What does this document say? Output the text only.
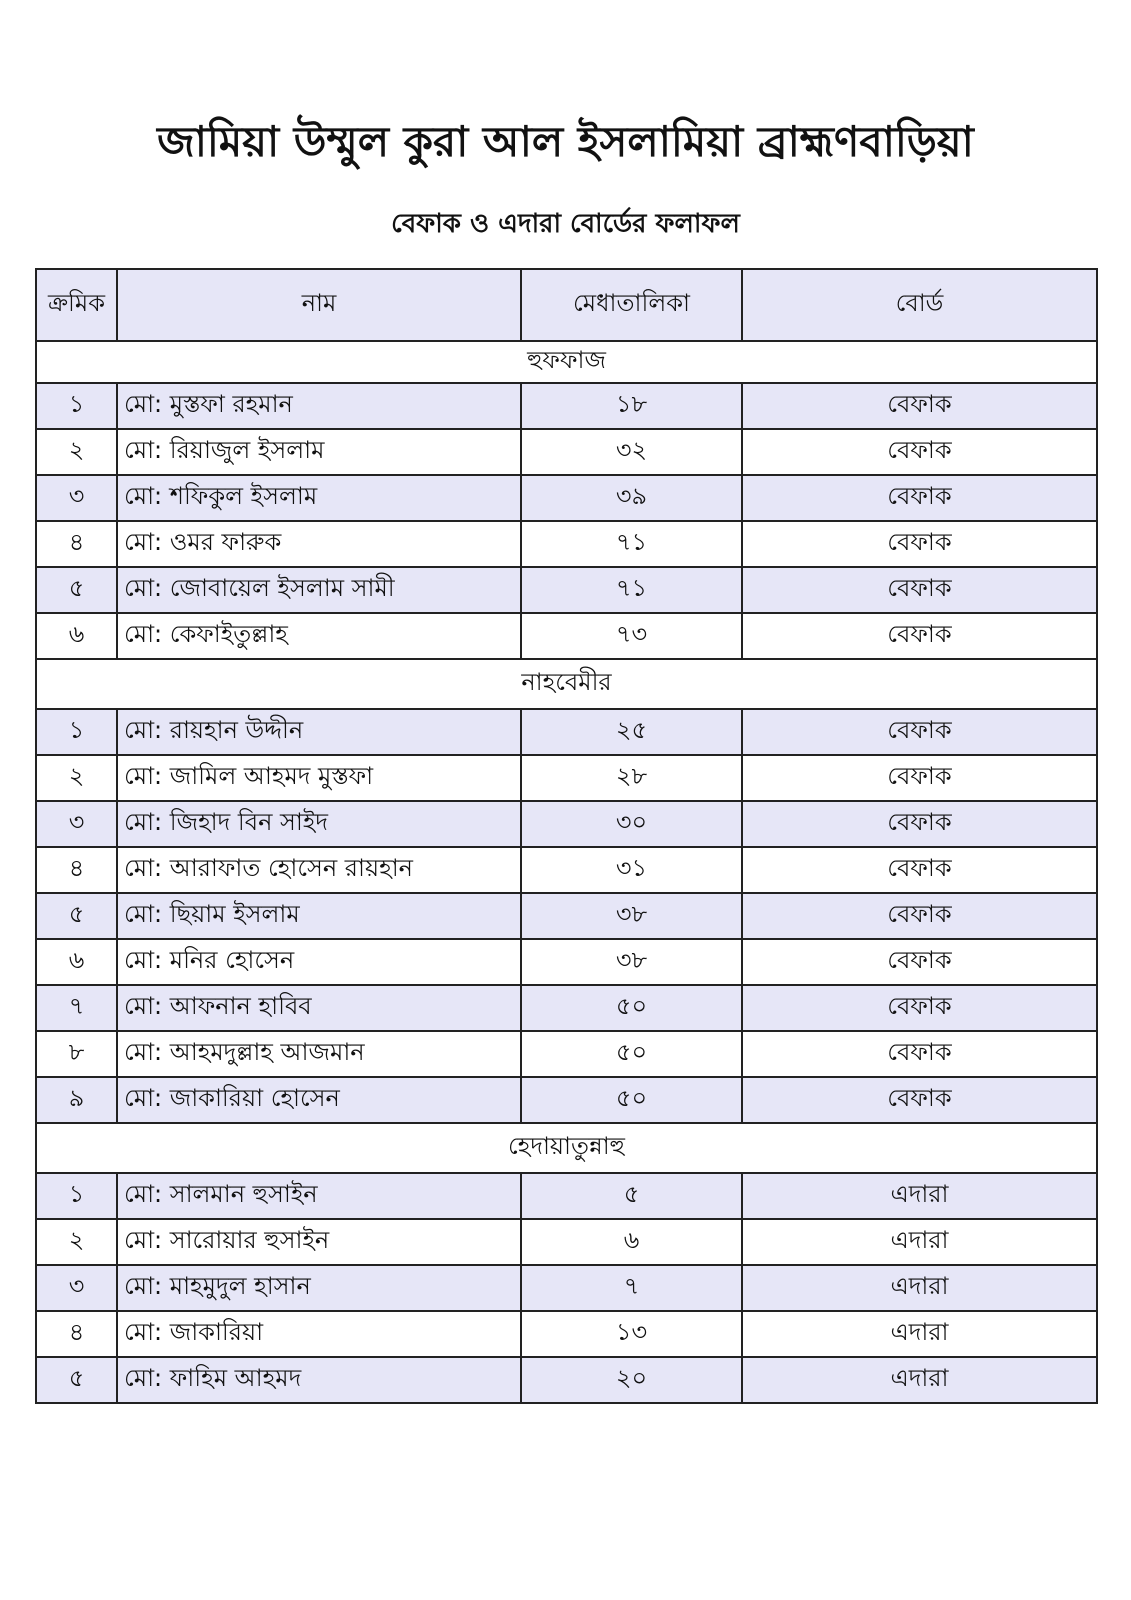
জামিয়া উম্মুল কুরা আল ইসলামিয়া ব্রাহ্মণবাড়িয়া
বেফাক ও এদারা বোর্ডের ফলাফল
ক্রমিক	নাম	মেধাতালিকা	বোর্ড
হুফফাজ			
১	মো: মুস্তফা রহমান	১৮	বেফাক
২	মো: রিয়াজুল ইসলাম	৩২	বেফাক
৩	মো: শফিকুল ইসলাম	৩৯	বেফাক
৪	মো: ওমর ফারুক	৭১	বেফাক
৫	মো: জোবায়েল ইসলাম সামী	৭১	বেফাক
৬	মো: কেফাইতুল্লাহ	৭৩	বেফাক
নাহবেমীর			
১	মো: রায়হান উদ্দীন	২৫	বেফাক
২	মো: জামিল আহমদ মুস্তফা	২৮	বেফাক
৩	মো: জিহাদ বিন সাইদ	৩০	বেফাক
৪	মো: আরাফাত হোসেন রায়হান	৩১	বেফাক
৫	মো: ছিয়াম ইসলাম	৩৮	বেফাক
৬	মো: মনির হোসেন	৩৮	বেফাক
৭	মো: আফনান হাবিব	৫০	বেফাক
৮	মো: আহমদুল্লাহ আজমান	৫০	বেফাক
৯	মো: জাকারিয়া হোসেন	৫০	বেফাক
হেদায়াতুন্নাহু			
১	মো: সালমান হুসাইন	৫	এদারা
২	মো: সারোয়ার হুসাইন	৬	এদারা
৩	মো: মাহমুদুল হাসান	৭	এদারা
৪	মো: জাকারিয়া	১৩	এদারা
৫	মো: ফাহিম আহমদ	২০	এদারা
